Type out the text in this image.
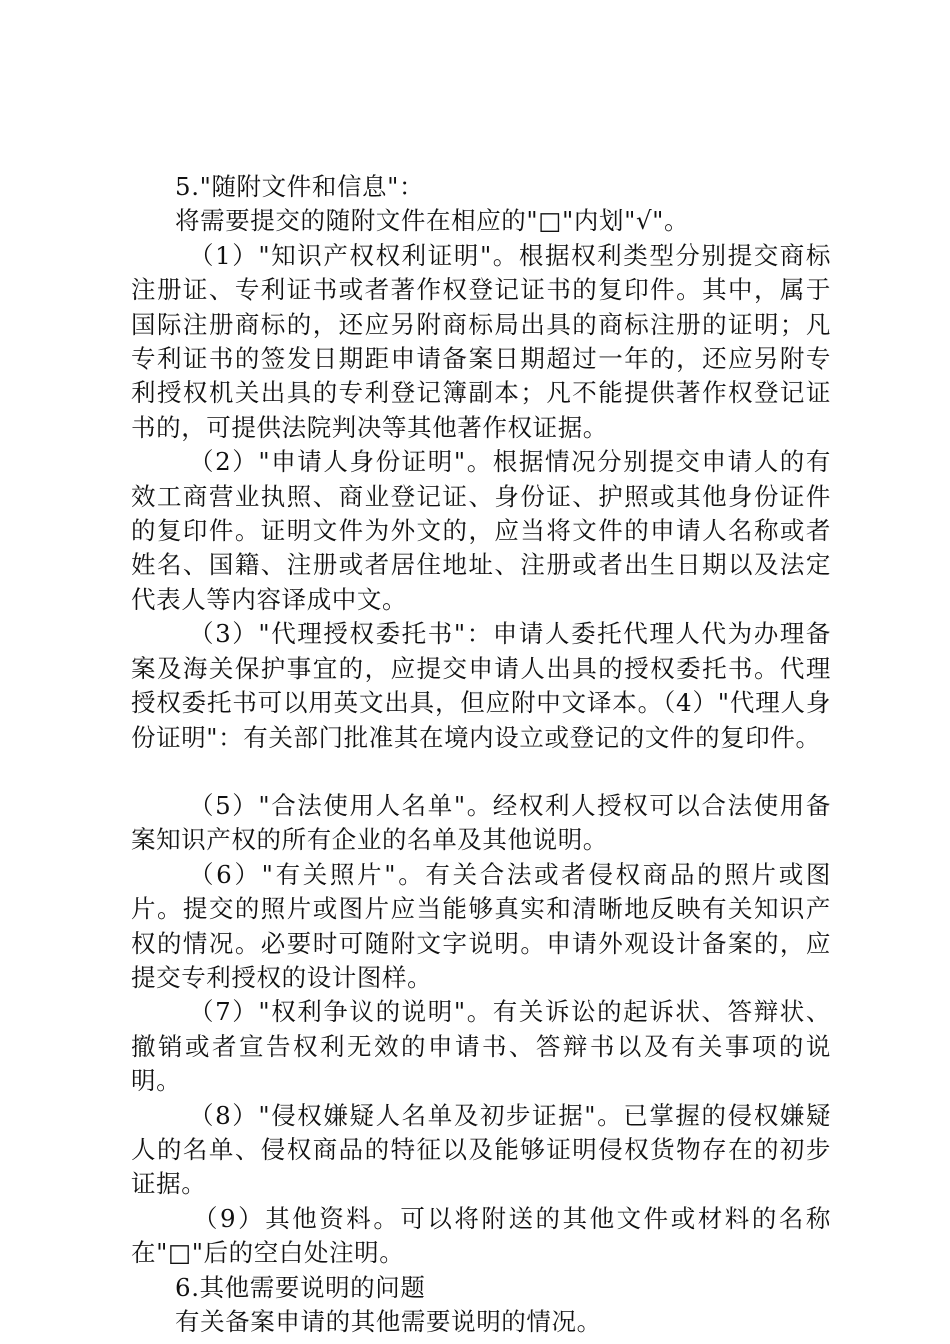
5."随附文件和信息"：

将需要提交的随附文件在相应的"□"内划"√"。

（1）"知识产权权利证明"。根据权利类型分别提交商标注册证、专利证书或者著作权登记证书的复印件。其中，属于国际注册商标的，还应另附商标局出具的商标注册的证明；凡专利证书的签发日期距申请备案日期超过一年的，还应另附专利授权机关出具的专利登记簿副本；凡不能提供著作权登记证书的，可提供法院判决等其他著作权证据。

（2）"申请人身份证明"。根据情况分别提交申请人的有效工商营业执照、商业登记证、身份证、护照或其他身份证件的复印件。证明文件为外文的，应当将文件的申请人名称或者姓名、国籍、注册或者居住地址、注册或者出生日期以及法定代表人等内容译成中文。

（3）"代理授权委托书"：申请人委托代理人代为办理备案及海关保护事宜的，应提交申请人出具的授权委托书。代理授权委托书可以用英文出具，但应附中文译本。（4）"代理人身份证明"：有关部门批准其在境内设立或登记的文件的复印件。

（5）"合法使用人名单"。经权利人授权可以合法使用备案知识产权的所有企业的名单及其他说明。

（6）"有关照片"。有关合法或者侵权商品的照片或图片。提交的照片或图片应当能够真实和清晰地反映有关知识产权的情况。必要时可随附文字说明。申请外观设计备案的，应提交专利授权的设计图样。

（7）"权利争议的说明"。有关诉讼的起诉状、答辩状、撤销或者宣告权利无效的申请书、答辩书以及有关事项的说明。

（8）"侵权嫌疑人名单及初步证据"。已掌握的侵权嫌疑人的名单、侵权商品的特征以及能够证明侵权货物存在的初步证据。

（9）其他资料。可以将附送的其他文件或材料的名称在"□"后的空白处注明。

6.其他需要说明的问题

有关备案申请的其他需要说明的情况。
